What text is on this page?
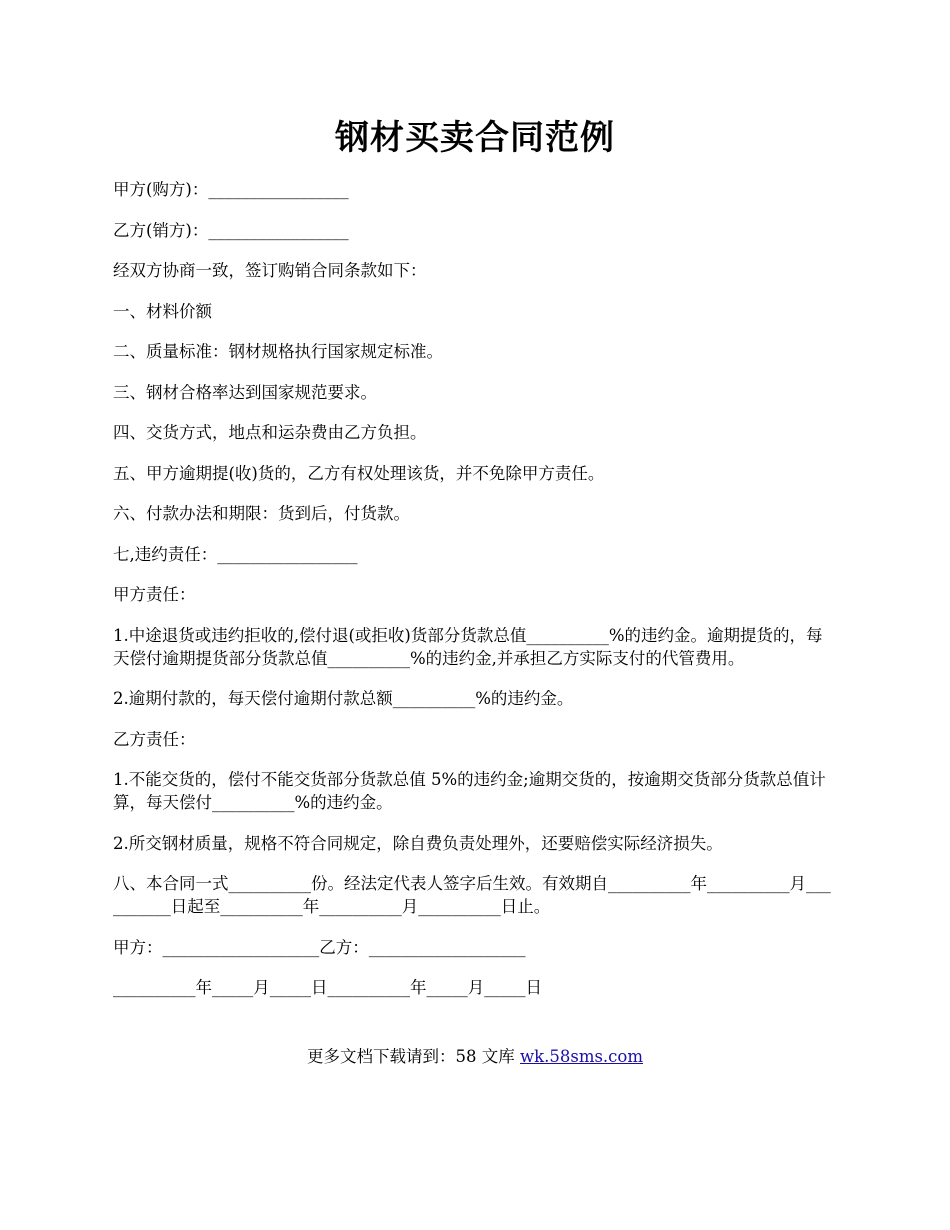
钢材买卖合同范例

甲方(购方)：_________________

乙方(销方)：_________________

经双方协商一致，签订购销合同条款如下：

一、材料价额

二、质量标准：钢材规格执行国家规定标准。

三、钢材合格率达到国家规范要求。

四、交货方式，地点和运杂费由乙方负担。

五、甲方逾期提(收)货的，乙方有权处理该货，并不免除甲方责任。

六、付款办法和期限：货到后，付货款。

七,违约责任：_________________

甲方责任：

1.中途退货或违约拒收的,偿付退(或拒收)货部分货款总值__________%的违约金。逾期提货的，每天偿付逾期提货部分货款总值__________%的违约金,并承担乙方实际支付的代管费用。

2.逾期付款的，每天偿付逾期付款总额__________%的违约金。

乙方责任：

1.不能交货的，偿付不能交货部分货款总值 5%的违约金;逾期交货的，按逾期交货部分货款总值计算，每天偿付__________%的违约金。

2.所交钢材质量，规格不符合同规定，除自费负责处理外，还要赔偿实际经济损失。

八、本合同一式__________份。经法定代表人签字后生效。有效期自__________年__________月__________日起至__________年__________月__________日止。

甲方：___________________乙方：___________________

__________年_____月_____日__________年_____月_____日

更多文档下载请到：58 文库 wk.58sms.com
